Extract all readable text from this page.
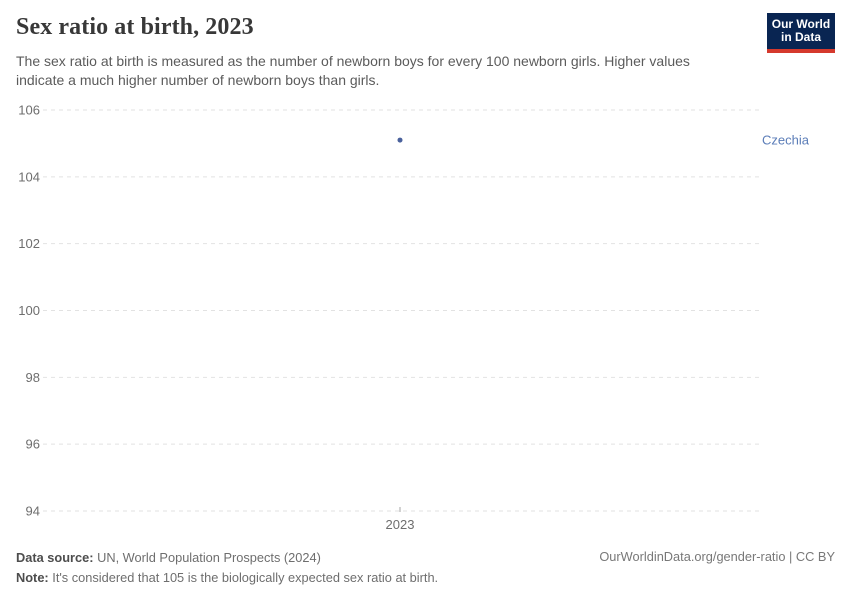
Sex ratio at birth, 2023

The sex ratio at birth is measured as the number of newborn boys for every 100 newborn girls. Higher values indicate a much higher number of newborn boys than girls.

Our World
in Data
94
96
98
100
102
104
106
2023
Czechia
Data source: UN, World Population Prospects (2024)
Note: It's considered that 105 is the biologically expected sex ratio at birth.
OurWorldinData.org/gender-ratio | CC BY
